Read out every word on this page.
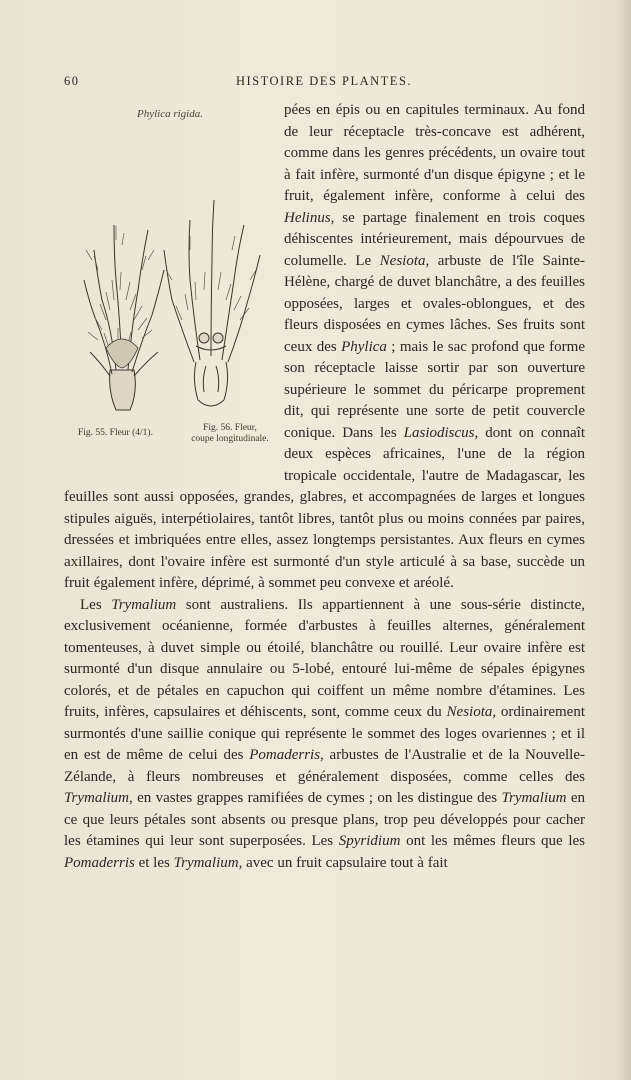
60	HISTOIRE DES PLANTES.
Phylica rigida.
Fig. 55. Fleur (4/1).	Fig. 56. Fleur,
coupe longitudinale.

pées en épis ou en capitules terminaux. Au fond de leur réceptacle très-concave est adhérent, comme dans les genres précédents, un ovaire tout à fait infère, surmonté d'un disque épigyne ; et le fruit, également infère, conforme à celui des Helinus, se partage finalement en trois coques déhiscentes intérieurement, mais dépourvues de columelle. Le Nesiota, arbuste de l'île Sainte-Hélène, chargé de duvet blanchâtre, a des feuilles opposées, larges et ovales-oblongues, et des fleurs disposées en cymes lâches. Ses fruits sont ceux des Phylica ; mais le sac profond que forme son réceptacle laisse sortir par son ouverture supérieure le sommet du péricarpe proprement dit, qui représente une sorte de petit couvercle conique. Dans les Lasiodiscus, dont on connaît deux espèces africaines, l'une de la région tropicale occidentale, l'autre de Madagascar, les feuilles sont aussi opposées, grandes, glabres, et accompagnées de larges et longues stipules aiguës, interpétiolaires, tantôt libres, tantôt plus ou moins connées par paires, dressées et imbriquées entre elles, assez longtemps persistantes. Aux fleurs en cymes axillaires, dont l'ovaire infère est surmonté d'un style articulé à sa base, succède un fruit également infère, déprimé, à sommet peu convexe et aréolé.

Les Trymalium sont australiens. Ils appartiennent à une sous-série distincte, exclusivement océanienne, formée d'arbustes à feuilles alternes, généralement tomenteuses, à duvet simple ou étoilé, blanchâtre ou rouillé. Leur ovaire infère est surmonté d'un disque annulaire ou 5-lobé, entouré lui-même de sépales épigynes colorés, et de pétales en capuchon qui coiffent un même nombre d'étamines. Les fruits, infères, capsulaires et déhiscents, sont, comme ceux du Nesiota, ordinairement surmontés d'une saillie conique qui représente le sommet des loges ovariennes ; et il en est de même de celui des Pomaderris, arbustes de l'Australie et de la Nouvelle-Zélande, à fleurs nombreuses et généralement disposées, comme celles des Trymalium, en vastes grappes ramifiées de cymes ; on les distingue des Trymalium en ce que leurs pétales sont absents ou presque plans, trop peu développés pour cacher les étamines qui leur sont superposées. Les Spyridium ont les mêmes fleurs que les Pomaderris et les Trymalium, avec un fruit capsulaire tout à fait
